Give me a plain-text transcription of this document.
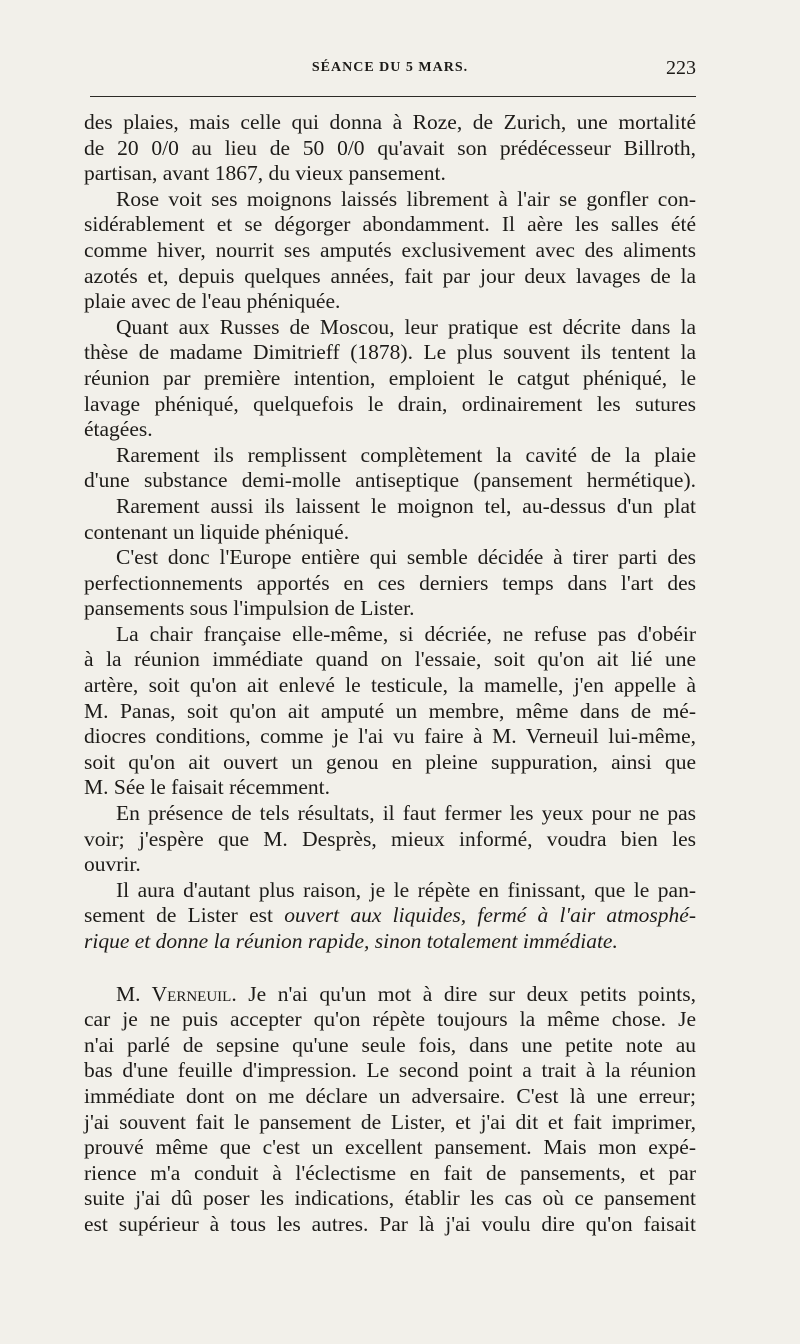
SÉANCE DU 5 MARS.	223
des plaies, mais celle qui donna à Roze, de Zurich, une mortalité
de 20 0/0 au lieu de 50 0/0 qu'avait son prédécesseur Billroth,
partisan, avant 1867, du vieux pansement.
Rose voit ses moignons laissés librement à l'air se gonfler con-
sidérablement et se dégorger abondamment. Il aère les salles été
comme hiver, nourrit ses amputés exclusivement avec des aliments
azotés et, depuis quelques années, fait par jour deux lavages de la
plaie avec de l'eau phéniquée.
Quant aux Russes de Moscou, leur pratique est décrite dans la
thèse de madame Dimitrieff (1878). Le plus souvent ils tentent la
réunion par première intention, emploient le catgut phéniqué, le
lavage phéniqué, quelquefois le drain, ordinairement les sutures
étagées.
Rarement ils remplissent complètement la cavité de la plaie
d'une substance demi-molle antiseptique (pansement hermétique).
Rarement aussi ils laissent le moignon tel, au-dessus d'un plat
contenant un liquide phéniqué.
C'est donc l'Europe entière qui semble décidée à tirer parti des
perfectionnements apportés en ces derniers temps dans l'art des
pansements sous l'impulsion de Lister.
La chair française elle-même, si décriée, ne refuse pas d'obéir
à la réunion immédiate quand on l'essaie, soit qu'on ait lié une
artère, soit qu'on ait enlevé le testicule, la mamelle, j'en appelle à
M. Panas, soit qu'on ait amputé un membre, même dans de mé-
diocres conditions, comme je l'ai vu faire à M. Verneuil lui-même,
soit qu'on ait ouvert un genou en pleine suppuration, ainsi que
M. Sée le faisait récemment.
En présence de tels résultats, il faut fermer les yeux pour ne pas
voir; j'espère que M. Desprès, mieux informé, voudra bien les
ouvrir.
Il aura d'autant plus raison, je le répète en finissant, que le pan-
sement de Lister est ouvert aux liquides, fermé à l'air atmosphé-
rique et donne la réunion rapide, sinon totalement immédiate.
M. Verneuil. Je n'ai qu'un mot à dire sur deux petits points,
car je ne puis accepter qu'on répète toujours la même chose. Je
n'ai parlé de sepsine qu'une seule fois, dans une petite note au
bas d'une feuille d'impression. Le second point a trait à la réunion
immédiate dont on me déclare un adversaire. C'est là une erreur;
j'ai souvent fait le pansement de Lister, et j'ai dit et fait imprimer,
prouvé même que c'est un excellent pansement. Mais mon expé-
rience m'a conduit à l'éclectisme en fait de pansements, et par
suite j'ai dû poser les indications, établir les cas où ce pansement
est supérieur à tous les autres. Par là j'ai voulu dire qu'on faisait
